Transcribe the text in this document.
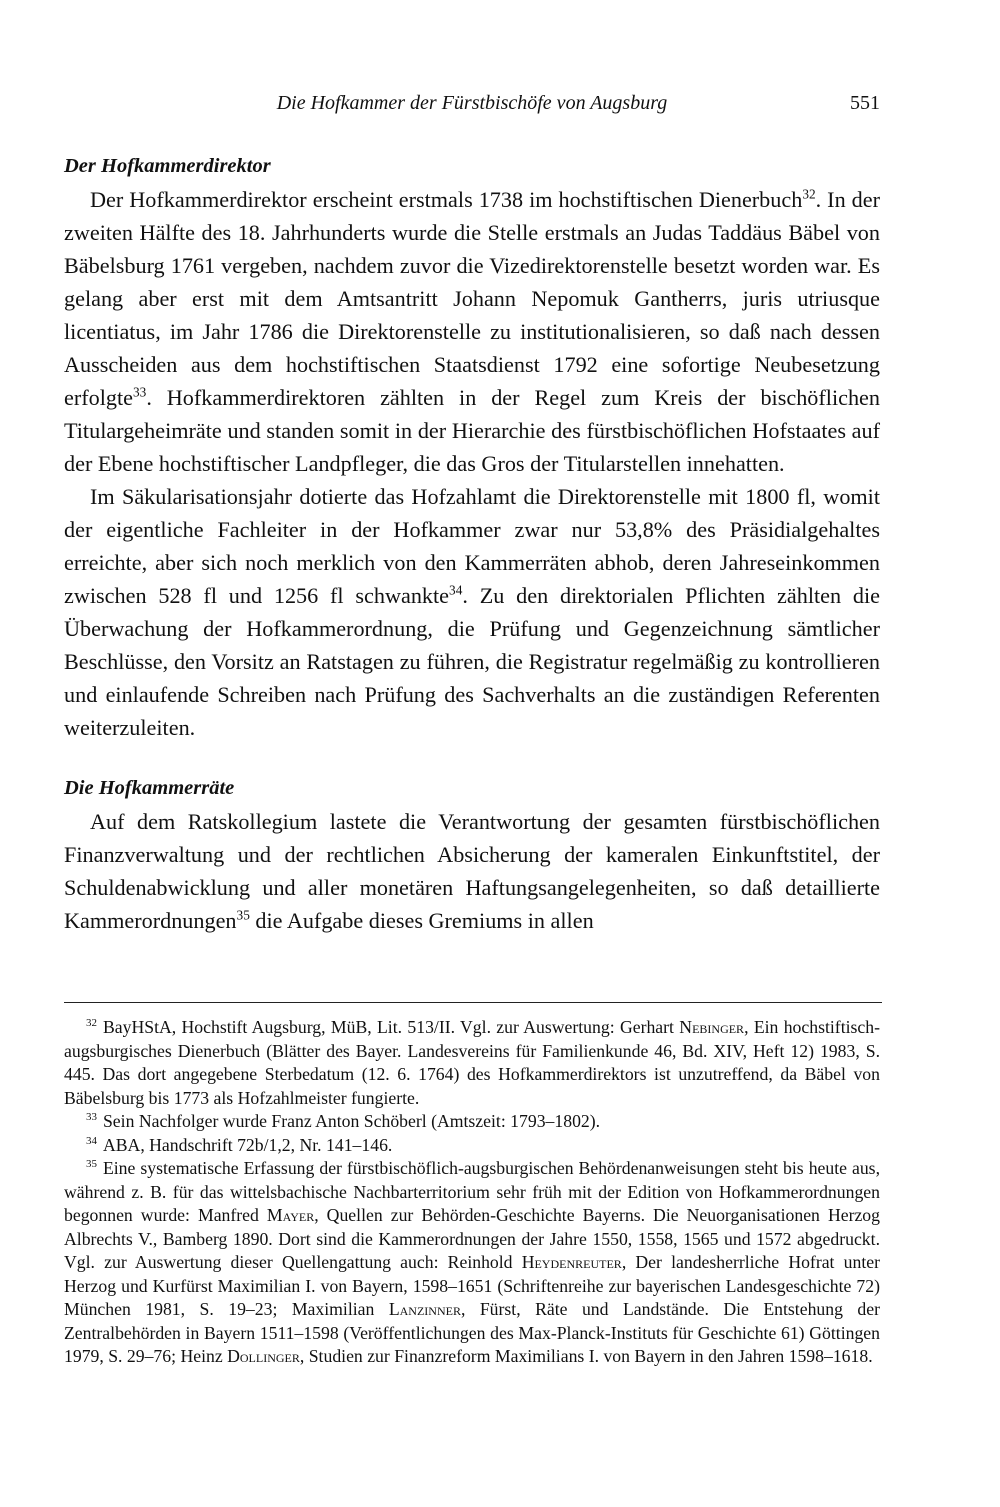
Die Hofkammer der Fürstbischöfe von Augsburg	551
Der Hofkammerdirektor

Der Hofkammerdirektor erscheint erstmals 1738 im hochstiftischen Dienerbuch$^{32}$. In der zweiten Hälfte des 18. Jahrhunderts wurde die Stelle erstmals an Judas Taddäus Bäbel von Bäbelsburg 1761 vergeben, nachdem zuvor die Vizedirektorenstelle besetzt worden war. Es gelang aber erst mit dem Amtsantritt Johann Nepomuk Gantherrs, juris utriusque licentiatus, im Jahr 1786 die Direktorenstelle zu institutionalisieren, so daß nach dessen Ausscheiden aus dem hochstiftischen Staatsdienst 1792 eine sofortige Neubesetzung erfolgte$^{33}$. Hofkammerdirektoren zählten in der Regel zum Kreis der bischöflichen Titulargeheimräte und standen somit in der Hierarchie des fürstbischöflichen Hofstaates auf der Ebene hochstiftischer Landpfleger, die das Gros der Titularstellen innehatten.

Im Säkularisationsjahr dotierte das Hofzahlamt die Direktorenstelle mit 1800 fl, womit der eigentliche Fachleiter in der Hofkammer zwar nur 53,8% des Präsidialgehaltes erreichte, aber sich noch merklich von den Kammerräten abhob, deren Jahreseinkommen zwischen 528 fl und 1256 fl schwankte$^{34}$. Zu den direktorialen Pflichten zählten die Überwachung der Hofkammerordnung, die Prüfung und Gegenzeichnung sämtlicher Beschlüsse, den Vorsitz an Ratstagen zu führen, die Registratur regelmäßig zu kontrollieren und einlaufende Schreiben nach Prüfung des Sachverhalts an die zuständigen Referenten weiterzuleiten.

Die Hofkammerräte

Auf dem Ratskollegium lastete die Verantwortung der gesamten fürstbischöflichen Finanzverwaltung und der rechtlichen Absicherung der kameralen Einkunftstitel, der Schuldenabwicklung und aller monetären Haftungsangelegenheiten, so daß detaillierte Kammerordnungen$^{35}$ die Aufgabe dieses Gremiums in allen

$^{32}$ BayHStA, Hochstift Augsburg, MüB, Lit. 513/II. Vgl. zur Auswertung: Gerhart Nebinger, Ein hochstiftisch-augsburgisches Dienerbuch (Blätter des Bayer. Landesvereins für Familienkunde 46, Bd. XIV, Heft 12) 1983, S. 445. Das dort angegebene Sterbedatum (12. 6. 1764) des Hofkammerdirektors ist unzutreffend, da Bäbel von Bäbelsburg bis 1773 als Hofzahlmeister fungierte.

$^{33}$ Sein Nachfolger wurde Franz Anton Schöberl (Amtszeit: 1793–1802).

$^{34}$ ABA, Handschrift 72b/1,2, Nr. 141–146.

$^{35}$ Eine systematische Erfassung der fürstbischöflich-augsburgischen Behördenanweisungen steht bis heute aus, während z. B. für das wittelsbachische Nachbarterritorium sehr früh mit der Edition von Hofkammerordnungen begonnen wurde: Manfred Mayer, Quellen zur Behörden-Geschichte Bayerns. Die Neuorganisationen Herzog Albrechts V., Bamberg 1890. Dort sind die Kammerordnungen der Jahre 1550, 1558, 1565 und 1572 abgedruckt. Vgl. zur Auswertung dieser Quellengattung auch: Reinhold Heydenreuter, Der landesherrliche Hofrat unter Herzog und Kurfürst Maximilian I. von Bayern, 1598–1651 (Schriftenreihe zur bayerischen Landesgeschichte 72) München 1981, S. 19–23; Maximilian Lanzinner, Fürst, Räte und Landstände. Die Entstehung der Zentralbehörden in Bayern 1511–1598 (Veröffentlichungen des Max-Planck-Instituts für Geschichte 61) Göttingen 1979, S. 29–76; Heinz Dollinger, Studien zur Finanzreform Maximilians I. von Bayern in den Jahren 1598–1618.
